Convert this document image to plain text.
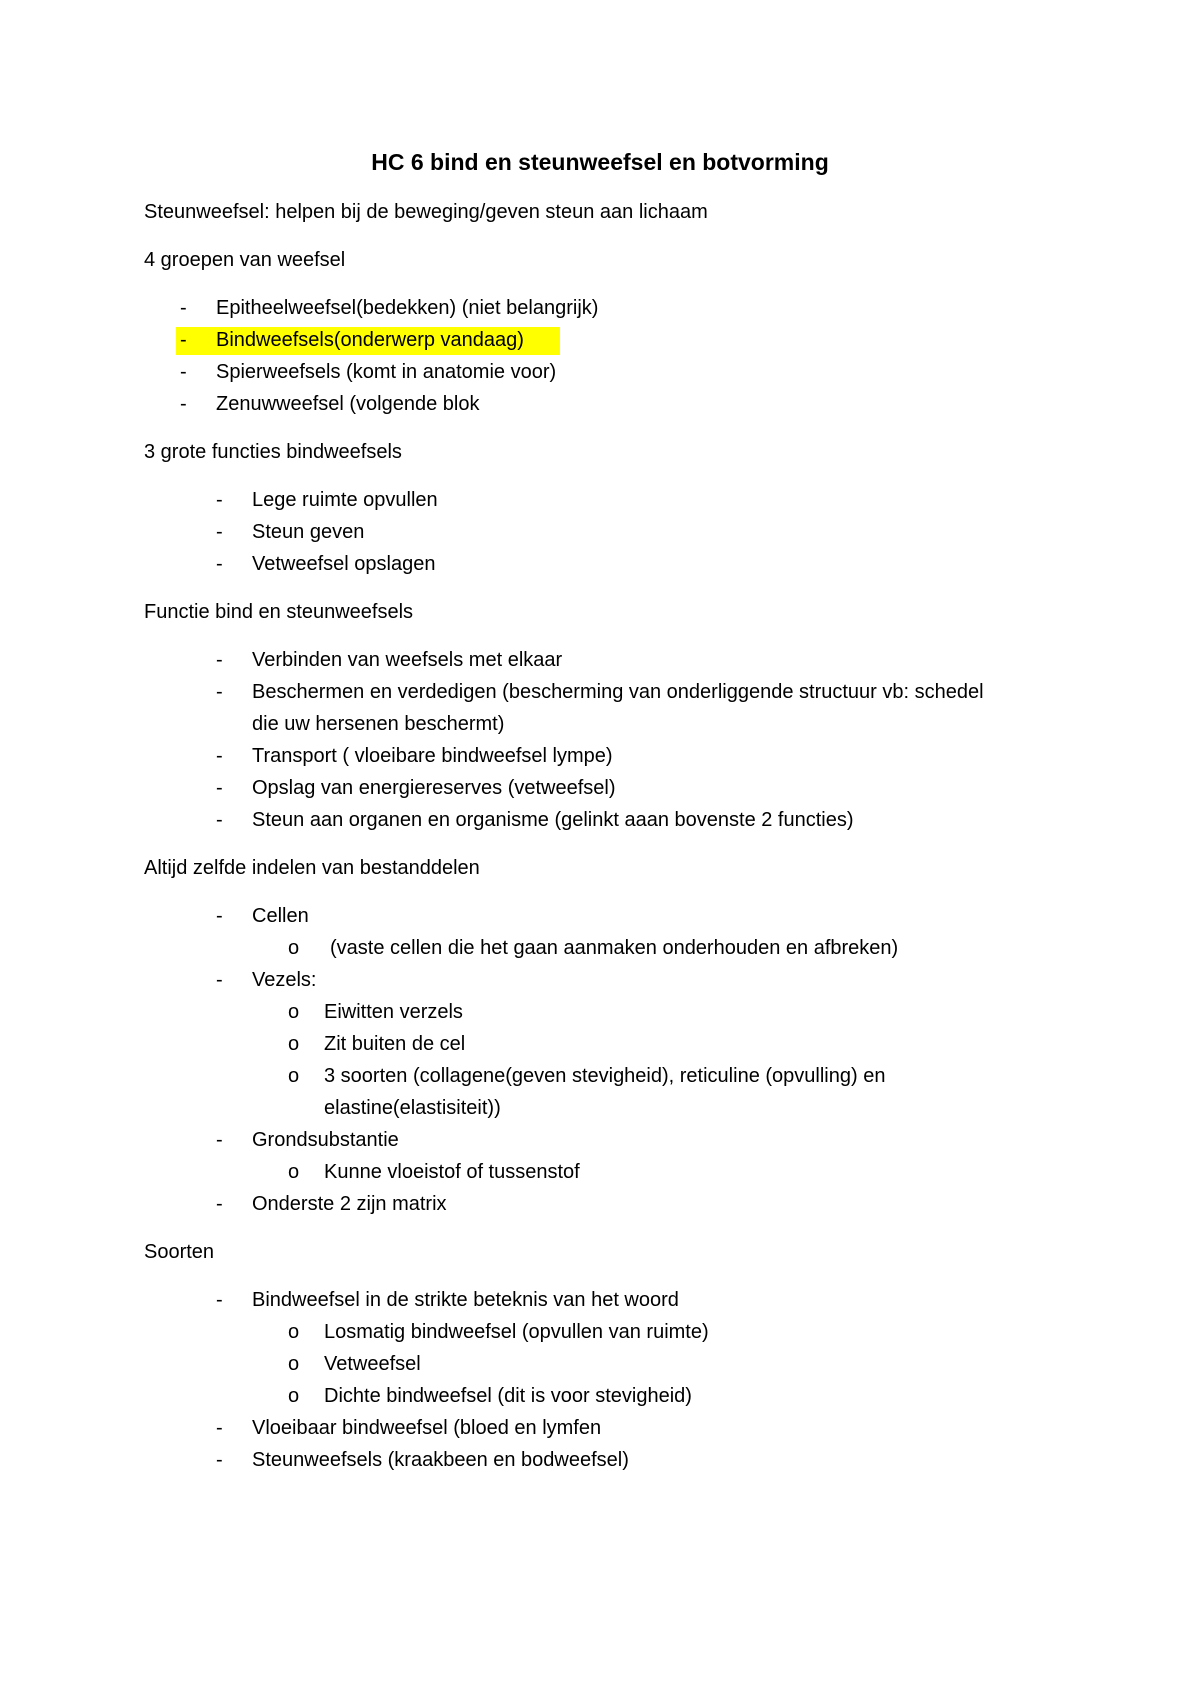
HC 6 bind en steunweefsel en botvorming
Steunweefsel: helpen bij de beweging/geven steun aan lichaam
4 groepen van weefsel
- Epitheelweefsel(bedekken) (niet belangrijk)
- Bindweefsels(onderwerp vandaag)
- Spierweefsels (komt in anatomie voor)
- Zenuwweefsel (volgende blok
3 grote functies bindweefsels
- Lege ruimte opvullen
- Steun geven
- Vetweefsel opslagen
Functie bind en steunweefsels
- Verbinden van weefsels met elkaar
- Beschermen en verdedigen (bescherming van onderliggende structuur vb: schedel
die uw hersenen beschermt)
- Transport ( vloeibare bindweefsel lympe)
- Opslag van energiereserves (vetweefsel)
- Steun aan organen en organisme (gelinkt aaan bovenste 2 functies)
Altijd zelfde indelen van bestanddelen
- Cellen
o (vaste cellen die het gaan aanmaken onderhouden en afbreken)
- Vezels:
o Eiwitten verzels
o Zit buiten de cel
o 3 soorten (collagene(geven stevigheid), reticuline (opvulling) en
elastine(elastisiteit))
- Grondsubstantie
o Kunne vloeistof of tussenstof
- Onderste 2 zijn matrix
Soorten
- Bindweefsel in de strikte beteknis van het woord
o Losmatig bindweefsel (opvullen van ruimte)
o Vetweefsel
o Dichte bindweefsel (dit is voor stevigheid)
- Vloeibaar bindweefsel (bloed en lymfen
- Steunweefsels (kraakbeen en bodweefsel)
